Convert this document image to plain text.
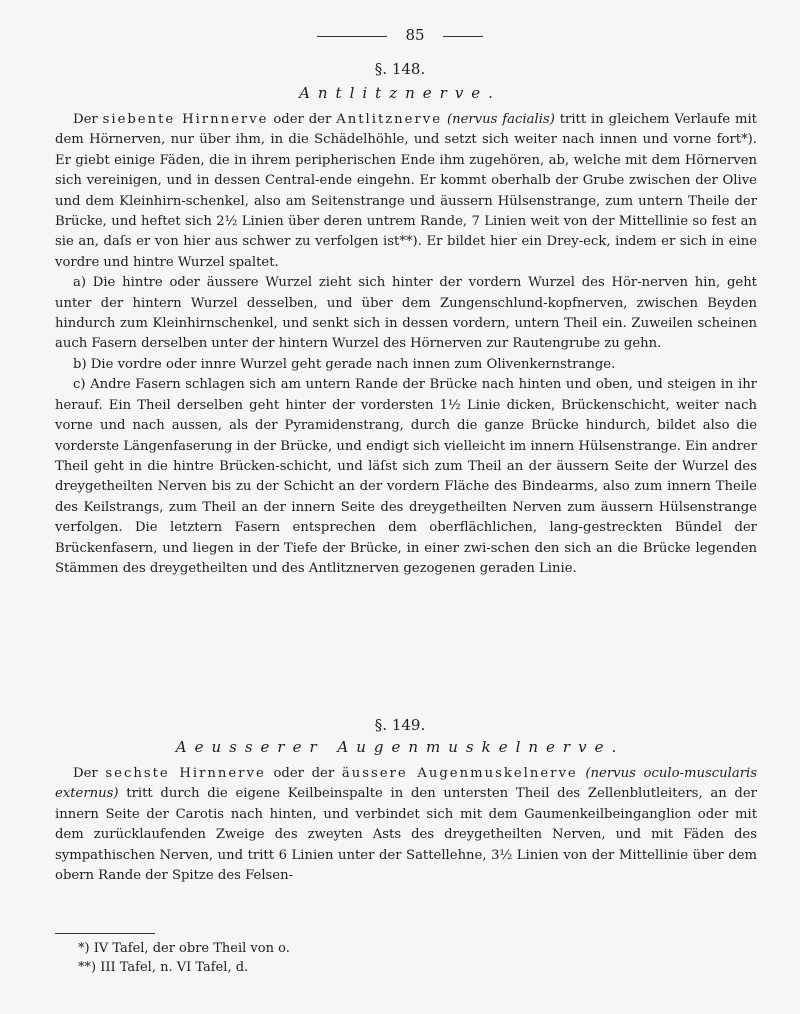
85
§. 148.
Antlitznerve.

Der siebente Hirnnerve oder der Antlitznerve (nervus facialis) tritt in gleichem Verlaufe mit dem Hörnerven, nur über ihm, in die Schädelhöhle, und setzt sich weiter nach innen und vorne fort*). Er giebt einige Fäden, die in ihrem peripherischen Ende ihm zugehören, ab, welche mit dem Hörnerven sich vereinigen, und in dessen Central-ende eingehn. Er kommt oberhalb der Grube zwischen der Olive und dem Kleinhirn-schenkel, also am Seitenstrange und äussern Hülsenstrange, zum untern Theile der Brücke, und heftet sich 2½ Linien über deren untrem Rande, 7 Linien weit von der Mittellinie so fest an sie an, daſs er von hier aus schwer zu verfolgen ist**). Er bildet hier ein Drey-eck, indem er sich in eine vordre und hintre Wurzel spaltet.

a) Die hintre oder äussere Wurzel zieht sich hinter der vordern Wurzel des Hör-nerven hin, geht unter der hintern Wurzel desselben, und über dem Zungenschlund-kopfnerven, zwischen Beyden hindurch zum Kleinhirnschenkel, und senkt sich in dessen vordern, untern Theil ein. Zuweilen scheinen auch Fasern derselben unter der hintern Wurzel des Hörnerven zur Rautengrube zu gehn.

b) Die vordre oder innre Wurzel geht gerade nach innen zum Olivenkernstrange.

c) Andre Fasern schlagen sich am untern Rande der Brücke nach hinten und oben, und steigen in ihr herauf. Ein Theil derselben geht hinter der vordersten 1½ Linie dicken, Brückenschicht, weiter nach vorne und nach aussen, als der Pyramidenstrang, durch die ganze Brücke hindurch, bildet also die vorderste Längenfaserung in der Brücke, und endigt sich vielleicht im innern Hülsenstrange. Ein andrer Theil geht in die hintre Brücken-schicht, und läſst sich zum Theil an der äussern Seite der Wurzel des dreygetheilten Nerven bis zu der Schicht an der vordern Fläche des Bindearms, also zum innern Theile des Keilstrangs, zum Theil an der innern Seite des dreygetheilten Nerven zum äussern Hülsenstrange verfolgen. Die letztern Fasern entsprechen dem oberflächlichen, lang-gestreckten Bündel der Brückenfasern, und liegen in der Tiefe der Brücke, in einer zwi-schen den sich an die Brücke legenden Stämmen des dreygetheilten und des Antlitznerven gezogenen geraden Linie.

§. 149.
Aeusserer Augenmuskelnerve.

Der sechste Hirnnerve oder der äussere Augenmuskelnerve (nervus oculo-muscularis externus) tritt durch die eigene Keilbeinspalte in den untersten Theil des Zellenblutleiters, an der innern Seite der Carotis nach hinten, und verbindet sich mit dem Gaumenkeilbeinganglion oder mit dem zurücklaufenden Zweige des zweyten Asts des dreygetheilten Nerven, und mit Fäden des sympathischen Nerven, und tritt 6 Linien unter der Sattellehne, 3½ Linien von der Mittellinie über dem obern Rande der Spitze des Felsen-

*) IV Tafel, der obre Theil von o.
**) III Tafel, n. VI Tafel, d.
